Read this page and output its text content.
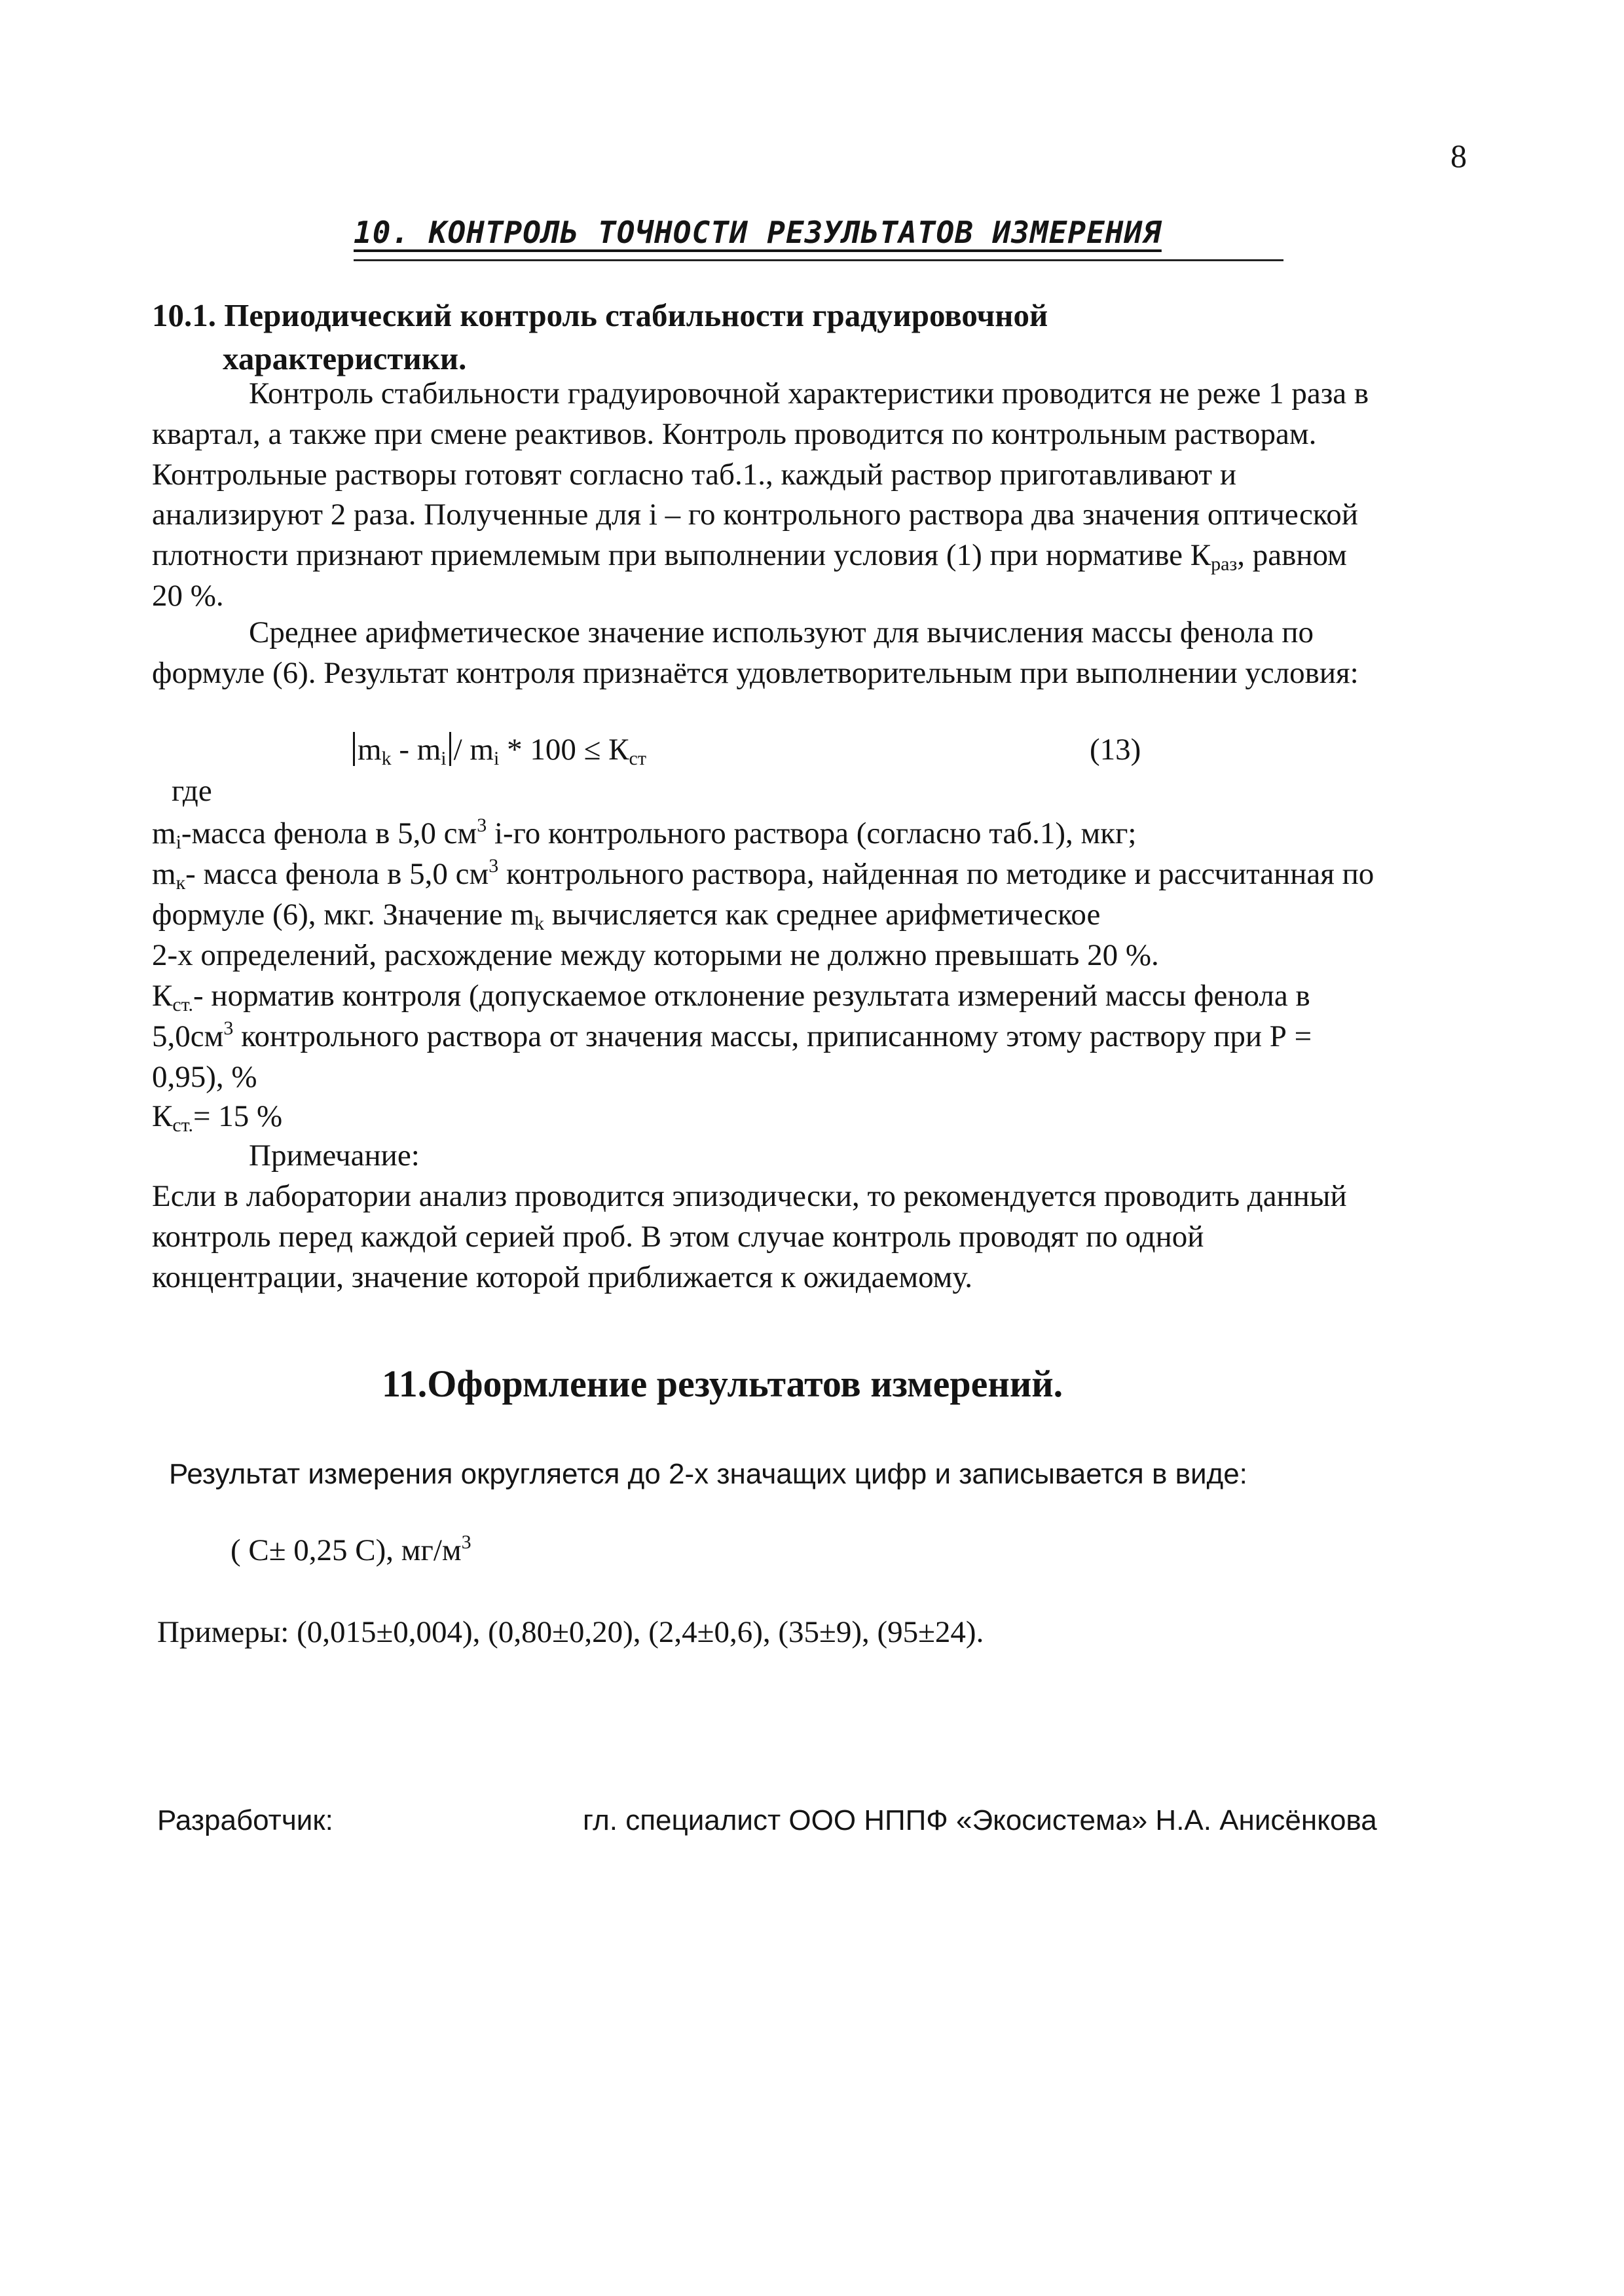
8
10. КОНТРОЛЬ ТОЧНОСТИ РЕЗУЛЬТАТОВ ИЗМЕРЕНИЯ
10.1. Периодический контроль стабильности градуировочной
характеристики.
Контроль стабильности градуировочной характеристики проводится не реже 1 раза в
квартал, а также при смене реактивов. Контроль проводится по контрольным растворам.
Контрольные растворы готовят согласно таб.1., каждый раствор приготавливают и
анализируют 2 раза. Полученные для i – го контрольного раствора два значения оптической
плотности признают приемлемым при выполнении условия (1) при нормативе $К_{раз}$, равном
20 %.
Среднее арифметическое значение используют для вычисления массы фенола по
формуле (6). Результат контроля признаётся удовлетворительным при выполнении условия:
$m_k - m_i / m_i * 100 \le К_{ст}$	(13)
где
$m_i$-масса фенола в 5,0 $см^3$ i-го контрольного раствора (согласно таб.1), мкг;
$m_к-$ масса фенола в 5,0 $см^3$ контрольного раствора, найденная по методике и рассчитанная по
формуле (6), мкг. Значение $m_k$ вычисляется как среднее арифметическое
2-х определений, расхождение между которыми не должно превышать 20 %.
$К_{ст.}-$ норматив контроля (допускаемое отклонение результата измерений массы фенола в
$5,0см^3$ контрольного раствора от значения массы, приписанному этому раствору при Р =
0,95), %
$К_{ст.}= 15$ %
Примечание:
Если в лаборатории анализ проводится эпизодически, то рекомендуется проводить данный
контроль перед каждой серией проб. В этом случае контроль проводят по одной
концентрации, значение которой приближается к ожидаемому.
11.Оформление результатов измерений.
Результат измерения округляется до 2-х значащих цифр и записывается в виде:
( С± 0,25 С), $мг/м^3$
Примеры: (0,015±0,004), (0,80±0,20), (2,4±0,6), (35±9), (95±24).
Разработчик:	гл. специалист ООО НППФ «Экосистема» Н.А. Анисёнкова
